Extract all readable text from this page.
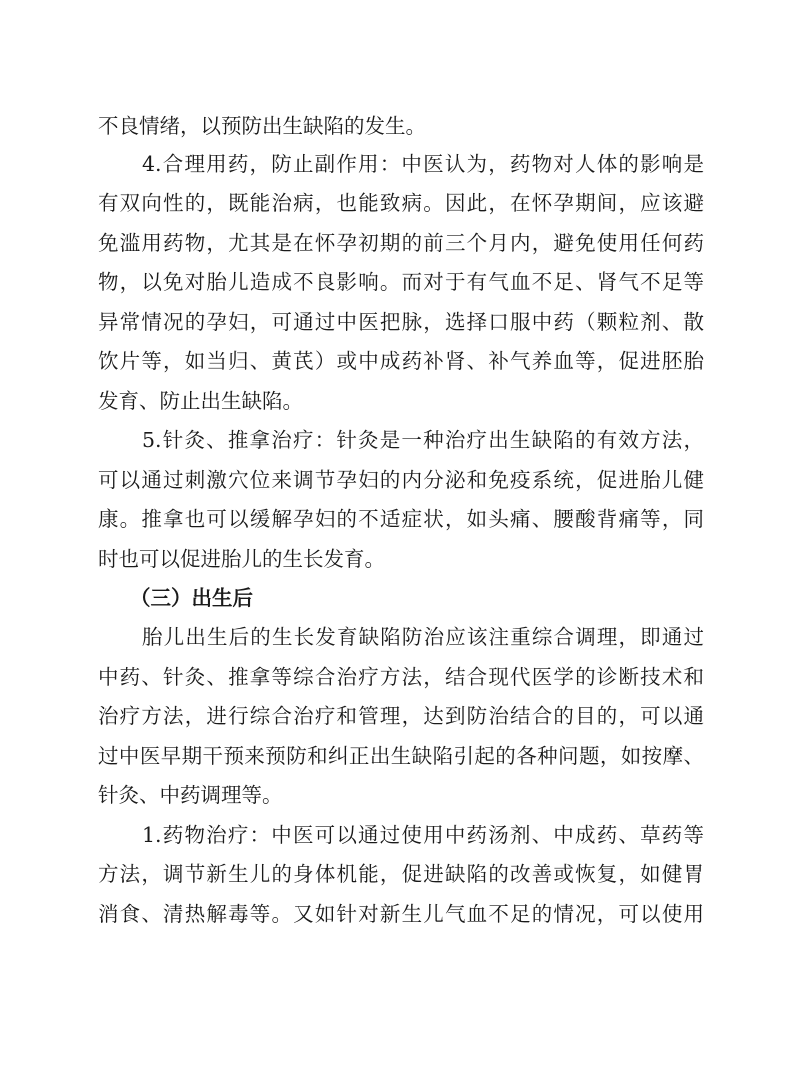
不良情绪，以预防出生缺陷的发生。
4.合理用药，防止副作用：中医认为，药物对人体的影响是
有双向性的，既能治病，也能致病。因此，在怀孕期间，应该避
免滥用药物，尤其是在怀孕初期的前三个月内，避免使用任何药
物，以免对胎儿造成不良影响。而对于有气血不足、肾气不足等
异常情况的孕妇，可通过中医把脉，选择口服中药（颗粒剂、散
饮片等，如当归、黄芪）或中成药补肾、补气养血等，促进胚胎
发育、防止出生缺陷。
5.针灸、推拿治疗：针灸是一种治疗出生缺陷的有效方法，
可以通过刺激穴位来调节孕妇的内分泌和免疫系统，促进胎儿健
康。推拿也可以缓解孕妇的不适症状，如头痛、腰酸背痛等，同
时也可以促进胎儿的生长发育。
（三）出生后
胎儿出生后的生长发育缺陷防治应该注重综合调理，即通过
中药、针灸、推拿等综合治疗方法，结合现代医学的诊断技术和
治疗方法，进行综合治疗和管理，达到防治结合的目的，可以通
过中医早期干预来预防和纠正出生缺陷引起的各种问题，如按摩、
针灸、中药调理等。
1.药物治疗：中医可以通过使用中药汤剂、中成药、草药等
方法，调节新生儿的身体机能，促进缺陷的改善或恢复，如健胃
消食、清热解毒等。又如针对新生儿气血不足的情况，可以使用
